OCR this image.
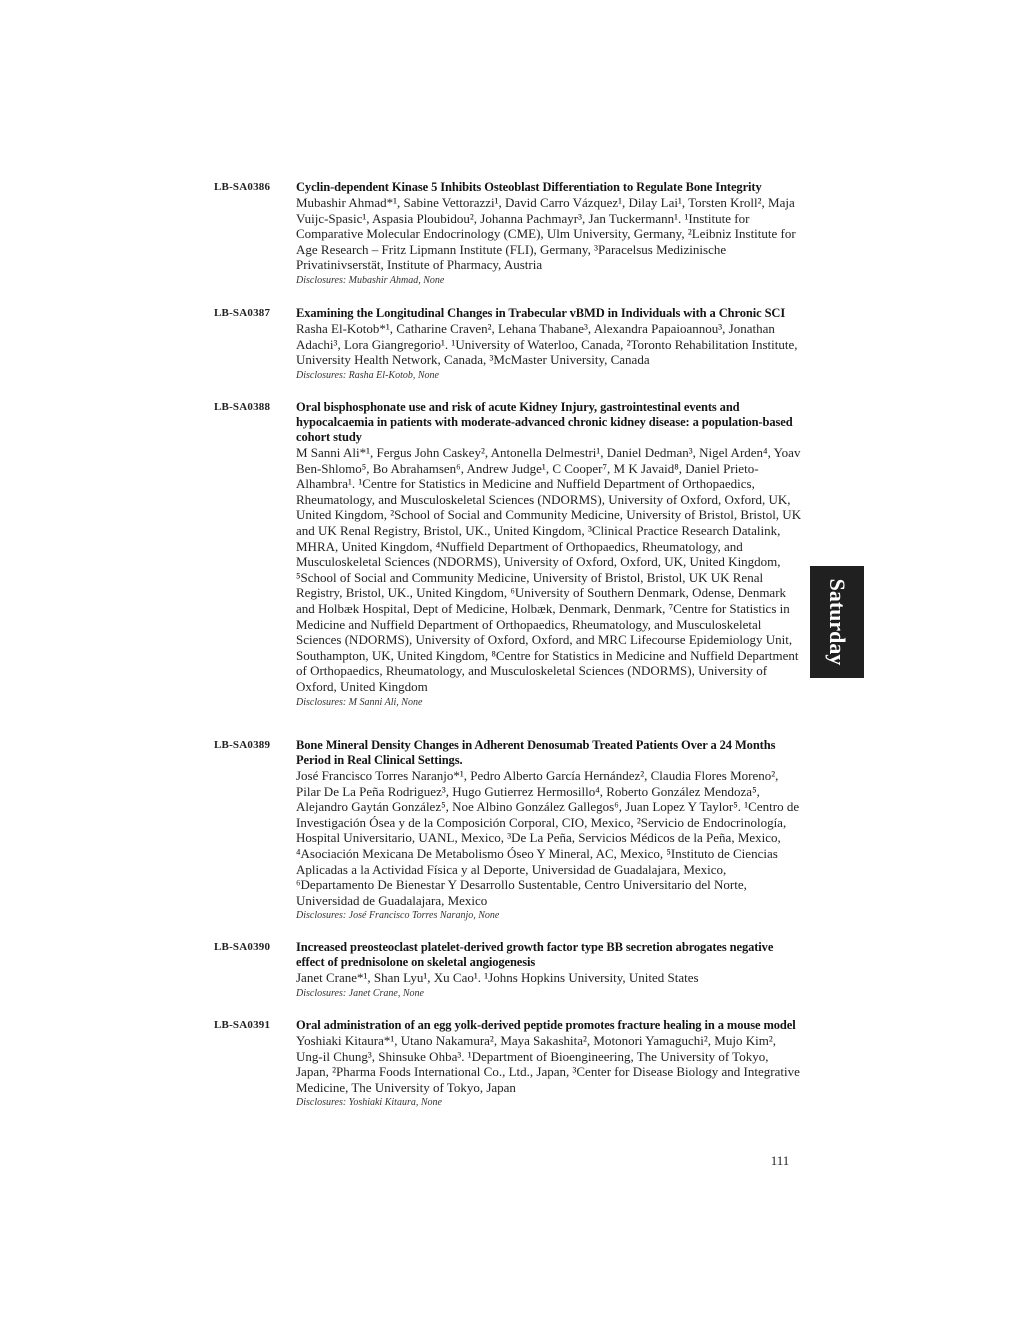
LB-SA0386	Cyclin-dependent Kinase 5 Inhibits Osteoblast Differentiation to Regulate Bone Integrity
Mubashir Ahmad*¹, Sabine Vettorazzi¹, David Carro Vázquez¹, Dilay Lai¹, Torsten Kroll², Maja Vuijc-Spasic¹, Aspasia Ploubidou², Johanna Pachmayr³, Jan Tuckermann¹. ¹Institute for Comparative Molecular Endocrinology (CME), Ulm University, Germany, ²Leibniz Institute for Age Research – Fritz Lipmann Institute (FLI), Germany, ³Paracelsus Medizinische Privatinivserstät, Institute of Pharmacy, Austria
Disclosures: Mubashir Ahmad, None
LB-SA0387	Examining the Longitudinal Changes in Trabecular vBMD in Individuals with a Chronic SCI
Rasha El-Kotob*¹, Catharine Craven², Lehana Thabane³, Alexandra Papaioannou³, Jonathan Adachi³, Lora Giangregorio¹. ¹University of Waterloo, Canada, ²Toronto Rehabilitation Institute, University Health Network, Canada, ³McMaster University, Canada
Disclosures: Rasha El-Kotob, None
LB-SA0388	Oral bisphosphonate use and risk of acute Kidney Injury, gastrointestinal events and hypocalcaemia in patients with moderate-advanced chronic kidney disease: a population-based cohort study
M Sanni Ali*¹, Fergus John Caskey², Antonella Delmestri¹, Daniel Dedman³, Nigel Arden⁴, Yoav Ben-Shlomo⁵, Bo Abrahamsen⁶, Andrew Judge¹, C Cooper⁷, M K Javaid⁸, Daniel Prieto-Alhambra¹. ¹Centre for Statistics in Medicine and Nuffield Department of Orthopaedics, Rheumatology, and Musculoskeletal Sciences (NDORMS), University of Oxford, Oxford, UK, United Kingdom, ²School of Social and Community Medicine, University of Bristol, Bristol, UK and UK Renal Registry, Bristol, UK., United Kingdom, ³Clinical Practice Research Datalink, MHRA, United Kingdom, ⁴Nuffield Department of Orthopaedics, Rheumatology, and Musculoskeletal Sciences (NDORMS), University of Oxford, Oxford, UK, United Kingdom, ⁵School of Social and Community Medicine, University of Bristol, Bristol, UK UK Renal Registry, Bristol, UK., United Kingdom, ⁶University of Southern Denmark, Odense, Denmark and Holbæk Hospital, Dept of Medicine, Holbæk, Denmark, Denmark, ⁷Centre for Statistics in Medicine and Nuffield Department of Orthopaedics, Rheumatology, and Musculoskeletal Sciences (NDORMS), University of Oxford, Oxford, and MRC Lifecourse Epidemiology Unit, Southampton, UK, United Kingdom, ⁸Centre for Statistics in Medicine and Nuffield Department of Orthopaedics, Rheumatology, and Musculoskeletal Sciences (NDORMS), University of Oxford, United Kingdom
Disclosures: M Sanni Ali, None
LB-SA0389	Bone Mineral Density Changes in Adherent Denosumab Treated Patients Over a 24 Months Period in Real Clinical Settings.
José Francisco Torres Naranjo*¹, Pedro Alberto García Hernández², Claudia Flores Moreno², Pilar De La Peña Rodriguez³, Hugo Gutierrez Hermosillo⁴, Roberto González Mendoza⁵, Alejandro Gaytán González⁵, Noe Albino González Gallegos⁶, Juan Lopez Y Taylor⁵. ¹Centro de Investigación Ósea y de la Composición Corporal, CIO, Mexico, ²Servicio de Endocrinología, Hospital Universitario, UANL, Mexico, ³De La Peña, Servicios Médicos de la Peña, Mexico, ⁴Asociación Mexicana De Metabolismo Óseo Y Mineral, AC, Mexico, ⁵Instituto de Ciencias Aplicadas a la Actividad Física y al Deporte, Universidad de Guadalajara, Mexico, ⁶Departamento De Bienestar Y Desarrollo Sustentable, Centro Universitario del Norte, Universidad de Guadalajara, Mexico
Disclosures: José Francisco Torres Naranjo, None
LB-SA0390	Increased preosteoclast platelet-derived growth factor type BB secretion abrogates negative effect of prednisolone on skeletal angiogenesis
Janet Crane*¹, Shan Lyu¹, Xu Cao¹. ¹Johns Hopkins University, United States
Disclosures: Janet Crane, None
LB-SA0391	Oral administration of an egg yolk-derived peptide promotes fracture healing in a mouse model
Yoshiaki Kitaura*¹, Utano Nakamura², Maya Sakashita², Motonori Yamaguchi², Mujo Kim², Ung-il Chung³, Shinsuke Ohba³. ¹Department of Bioengineering, The University of Tokyo, Japan, ²Pharma Foods International Co., Ltd., Japan, ³Center for Disease Biology and Integrative Medicine, The University of Tokyo, Japan
Disclosures: Yoshiaki Kitaura, None
Saturday
111
